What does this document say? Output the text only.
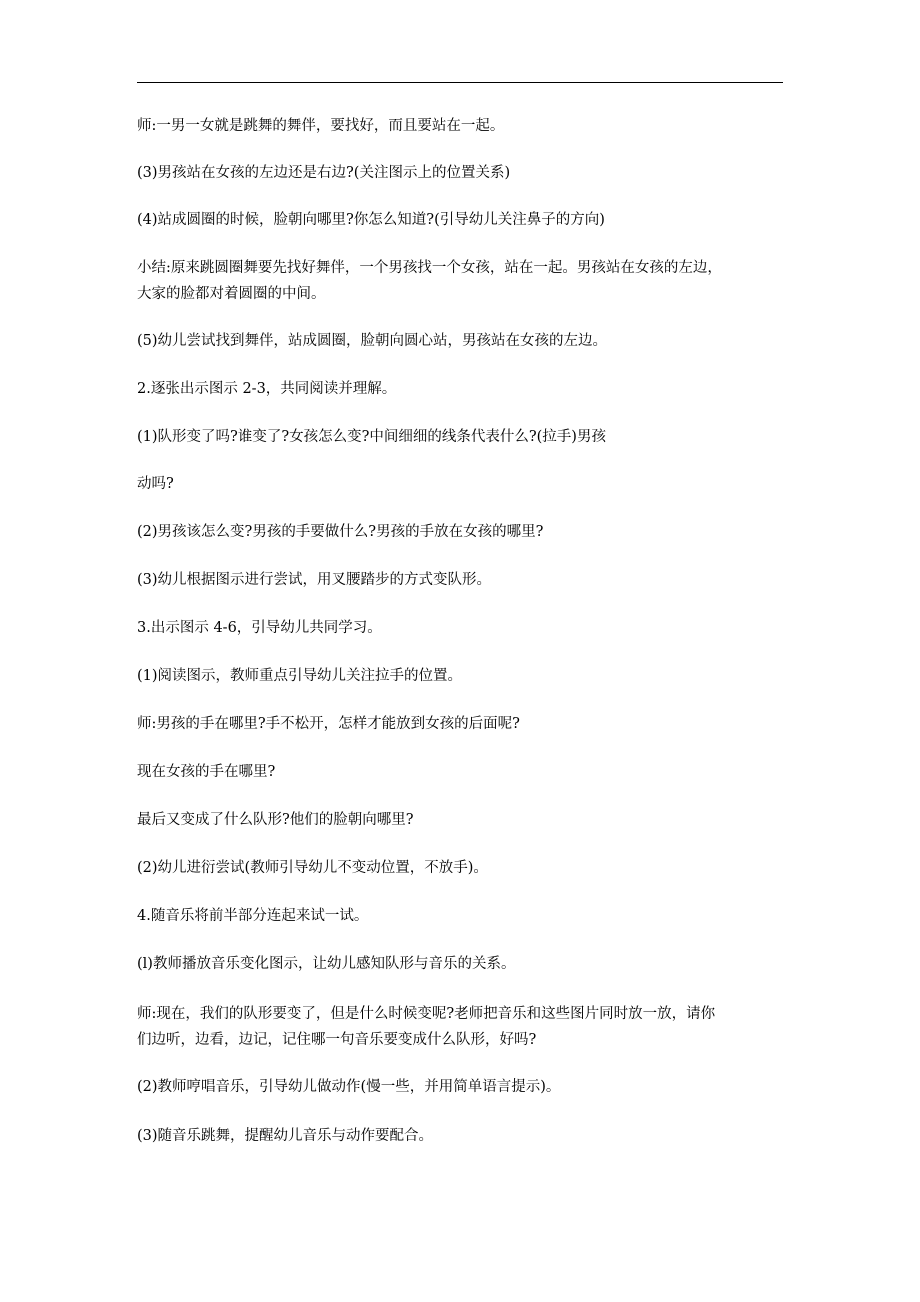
师:一男一女就是跳舞的舞伴，要找好，而且要站在一起。
(3)男孩站在女孩的左边还是右边?(关注图示上的位置关系)
(4)站成圆圈的时候，脸朝向哪里?你怎么知道?(引导幼儿关注鼻子的方向)
小结:原来跳圆圈舞要先找好舞伴，一个男孩找一个女孩，站在一起。男孩站在女孩的左边，
大家的脸都对着圆圈的中间。
(5)幼儿尝试找到舞伴，站成圆圈，脸朝向圆心站，男孩站在女孩的左边。
2.逐张出示图示 2-3，共同阅读并理解。
(1)队形变了吗?谁变了?女孩怎么变?中间细细的线条代表什么?(拉手)男孩
动吗?
(2)男孩该怎么变?男孩的手要做什么?男孩的手放在女孩的哪里?
(3)幼儿根据图示进行尝试，用叉腰踏步的方式变队形。
3.出示图示 4-6，引导幼儿共同学习。
(1)阅读图示，教师重点引导幼儿关注拉手的位置。
师:男孩的手在哪里?手不松开，怎样才能放到女孩的后面呢?
现在女孩的手在哪里?
最后又变成了什么队形?他们的脸朝向哪里?
(2)幼儿进衍尝试(教师引导幼儿不变动位置，不放手)。
4.随音乐将前半部分连起来试一试。
(l)教师播放音乐变化图示，让幼儿感知队形与音乐的关系。
师:现在，我们的队形要变了，但是什么时候变呢?老师把音乐和这些图片同时放一放，请你
们边听，边看，边记，记住哪一句音乐要变成什么队形，好吗?
(2)教师哼唱音乐，引导幼儿做动作(慢一些，并用简单语言提示)。
(3)随音乐跳舞，提醒幼儿音乐与动作要配合。
